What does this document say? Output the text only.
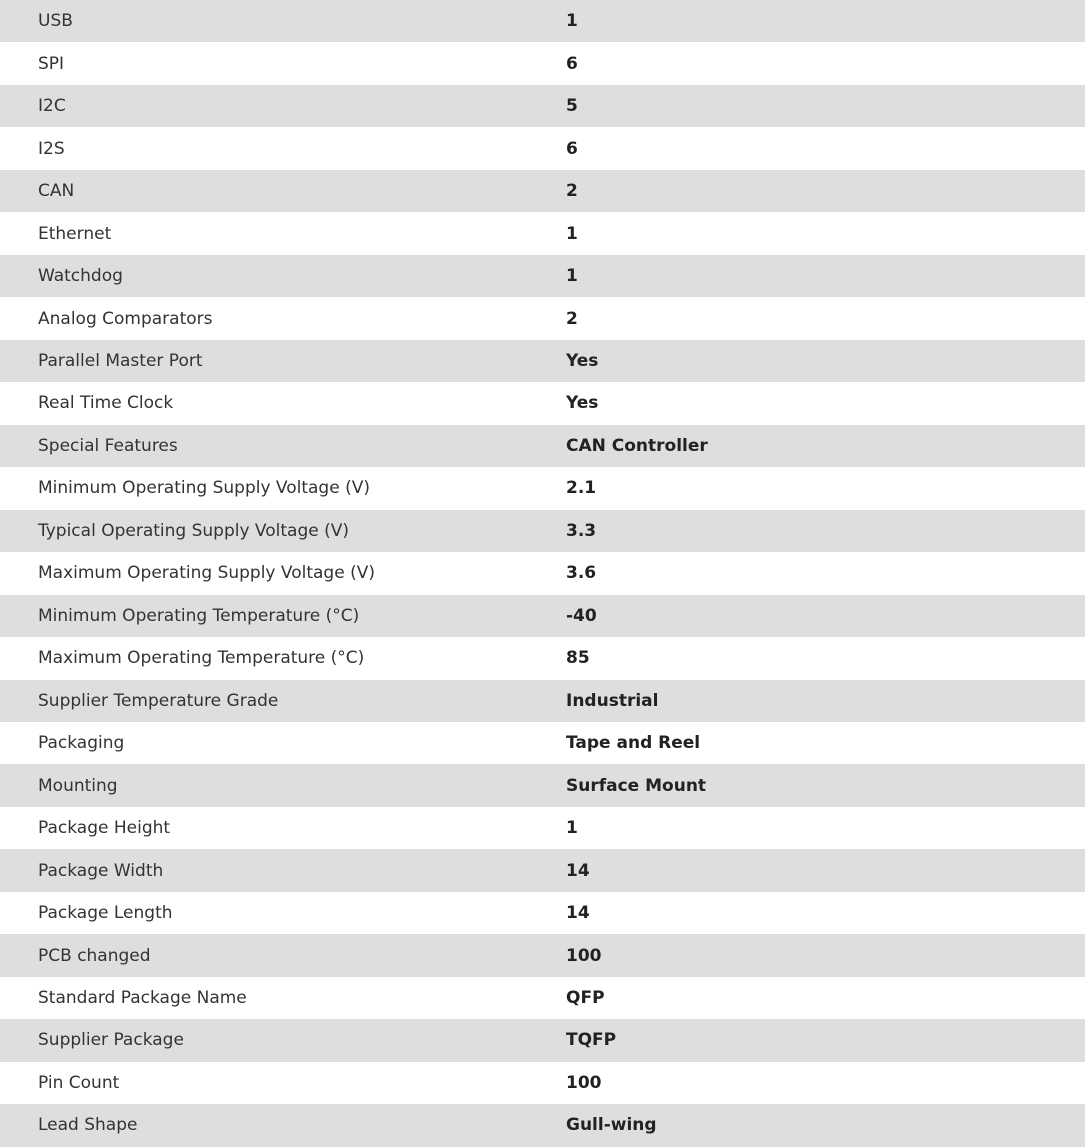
USB	1
SPI	6
I2C	5
I2S	6
CAN	2
Ethernet	1
Watchdog	1
Analog Comparators	2
Parallel Master Port	Yes
Real Time Clock	Yes
Special Features	CAN Controller
Minimum Operating Supply Voltage (V)	2.1
Typical Operating Supply Voltage (V)	3.3
Maximum Operating Supply Voltage (V)	3.6
Minimum Operating Temperature (°C)	-40
Maximum Operating Temperature (°C)	85
Supplier Temperature Grade	Industrial
Packaging	Tape and Reel
Mounting	Surface Mount
Package Height	1
Package Width	14
Package Length	14
PCB changed	100
Standard Package Name	QFP
Supplier Package	TQFP
Pin Count	100
Lead Shape	Gull-wing
